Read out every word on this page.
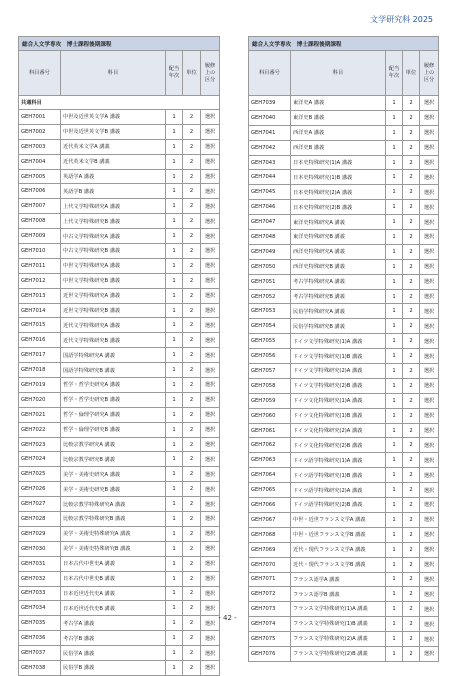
文学研究科 2025
総合人文学専攻　博士課程後期課程				
科目番号	科目	配当年次	単位	履修上の区分
共通科目				
GEH7001	中世及近世英文学A 講義	1	2	選択
GEH7002	中世及近世英文学B 講義	1	2	選択
GEH7003	近代英米文学A 講義	1	2	選択
GEH7004	近代英米文学B 講義	1	2	選択
GEH7005	英語学A 講義	1	2	選択
GEH7006	英語学B 講義	1	2	選択
GEH7007	上代文学特殊研究A 講義	1	2	選択
GEH7008	上代文学特殊研究B 講義	1	2	選択
GEH7009	中古文学特殊研究A 講義	1	2	選択
GEH7010	中古文学特殊研究B 講義	1	2	選択
GEH7011	中世文学特殊研究A 講義	1	2	選択
GEH7012	中世文学特殊研究B 講義	1	2	選択
GEH7013	近世文学特殊研究A 講義	1	2	選択
GEH7014	近世文学特殊研究B 講義	1	2	選択
GEH7015	近代文学特殊研究A 講義	1	2	選択
GEH7016	近代文学特殊研究B 講義	1	2	選択
GEH7017	国語学特殊研究A 講義	1	2	選択
GEH7018	国語学特殊研究B 講義	1	2	選択
GEH7019	哲学・哲学史研究A 講義	1	2	選択
GEH7020	哲学・哲学史研究B 講義	1	2	選択
GEH7021	哲学・倫理学研究A 講義	1	2	選択
GEH7022	哲学・倫理学研究B 講義	1	2	選択
GEH7023	比較宗教学研究A 講義	1	2	選択
GEH7024	比較宗教学研究B 講義	1	2	選択
GEH7025	美学・美術史研究A 講義	1	2	選択
GEH7026	美学・美術史研究B 講義	1	2	選択
GEH7027	比較宗教学特殊研究A 講義	1	2	選択
GEH7028	比較宗教学特殊研究B 講義	1	2	選択
GEH7029	美学・美術史特殊研究A 講義	1	2	選択
GEH7030	美学・美術史特殊研究B 講義	1	2	選択
GEH7031	日本古代中世史A 講義	1	2	選択
GEH7032	日本古代中世史B 講義	1	2	選択
GEH7033	日本近世近代史A 講義	1	2	選択
GEH7034	日本近世近代史B 講義	1	2	選択
GEH7035	考古学A 講義	1	2	選択
GEH7036	考古学B 講義	1	2	選択
GEH7037	民俗学A 講義	1	2	選択
GEH7038	民俗学B 講義	1	2	選択
総合人文学専攻　博士課程後期課程				
科目番号	科目	配当年次	単位	履修上の区分
GEH7039	東洋史A 講義	1	2	選択
GEH7040	東洋史B 講義	1	2	選択
GEH7041	西洋史A 講義	1	2	選択
GEH7042	西洋史B 講義	1	2	選択
GEH7043	日本史特殊研究(1)A 講義	1	2	選択
GEH7044	日本史特殊研究(1)B 講義	1	2	選択
GEH7045	日本史特殊研究(2)A 講義	1	2	選択
GEH7046	日本史特殊研究(2)B 講義	1	2	選択
GEH7047	東洋史特殊研究A 講義	1	2	選択
GEH7048	東洋史特殊研究B 講義	1	2	選択
GEH7049	西洋史特殊研究A 講義	1	2	選択
GEH7050	西洋史特殊研究B 講義	1	2	選択
GEH7051	考古学特殊研究A 講義	1	2	選択
GEH7052	考古学特殊研究B 講義	1	2	選択
GEH7053	民俗学特殊研究A 講義	1	2	選択
GEH7054	民俗学特殊研究B 講義	1	2	選択
GEH7055	ドイツ文学特殊研究(1)A 講義	1	2	選択
GEH7056	ドイツ文学特殊研究(1)B 講義	1	2	選択
GEH7057	ドイツ文学特殊研究(2)A 講義	1	2	選択
GEH7058	ドイツ文学特殊研究(2)B 講義	1	2	選択
GEH7059	ドイツ文化特殊研究(1)A 講義	1	2	選択
GEH7060	ドイツ文化特殊研究(1)B 講義	1	2	選択
GEH7061	ドイツ文化特殊研究(2)A 講義	1	2	選択
GEH7062	ドイツ文化特殊研究(2)B 講義	1	2	選択
GEH7063	ドイツ語学特殊研究(1)A 講義	1	2	選択
GEH7064	ドイツ語学特殊研究(1)B 講義	1	2	選択
GEH7065	ドイツ語学特殊研究(2)A 講義	1	2	選択
GEH7066	ドイツ語学特殊研究(2)B 講義	1	2	選択
GEH7067	中世・近世フランス文学A 講義	1	2	選択
GEH7068	中世・近世フランス文学B 講義	1	2	選択
GEH7069	近代・現代フランス文学A 講義	1	2	選択
GEH7070	近代・現代フランス文学B 講義	1	2	選択
GEH7071	フランス語学A 講義	1	2	選択
GEH7072	フランス語学B 講義	1	2	選択
GEH7073	フランス文学特殊研究(1)A 講義	1	2	選択
GEH7074	フランス文学特殊研究(1)B 講義	1	2	選択
GEH7075	フランス文学特殊研究(2)A 講義	1	2	選択
GEH7076	フランス文学特殊研究(2)B 講義	1	2	選択
- 42 -
